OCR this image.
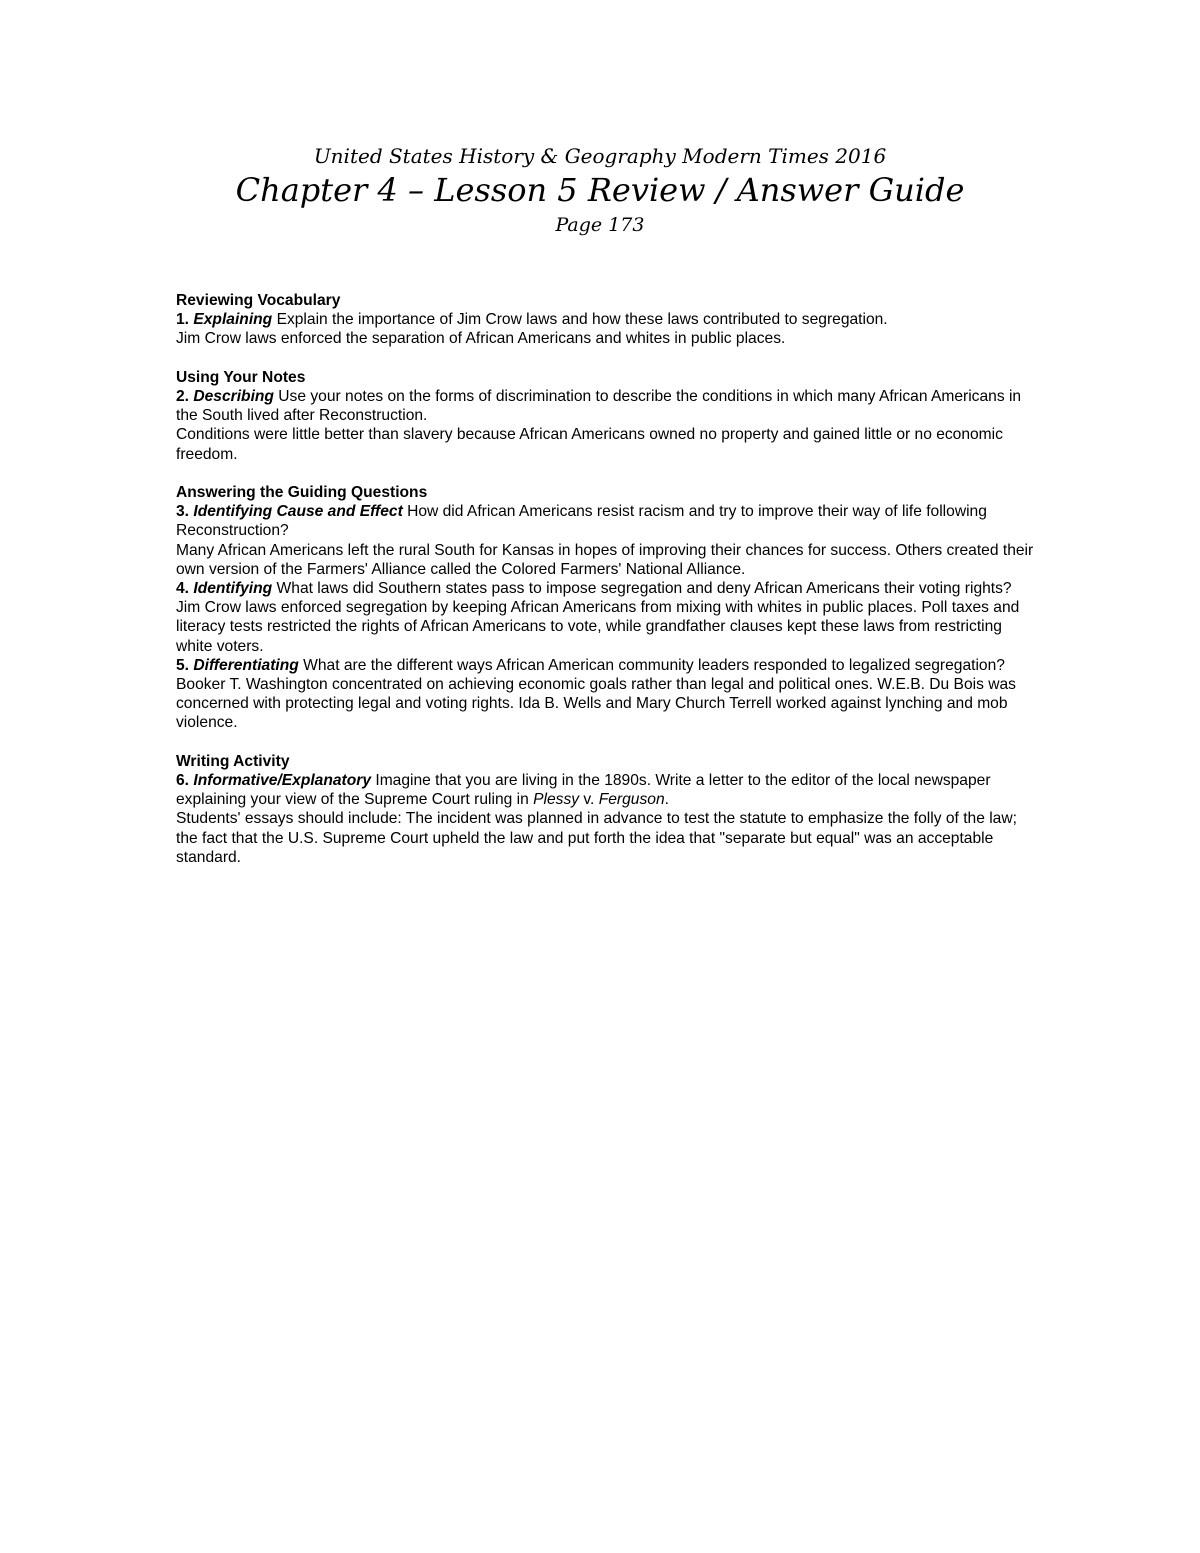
United States History & Geography Modern Times 2016

Chapter 4 – Lesson 5 Review / Answer Guide

Page 173

Reviewing Vocabulary

1. Explaining Explain the importance of Jim Crow laws and how these laws contributed to segregation.

Jim Crow laws enforced the separation of African Americans and whites in public places.

Using Your Notes

2. Describing Use your notes on the forms of discrimination to describe the conditions in which many African Americans in the South lived after Reconstruction.

Conditions were little better than slavery because African Americans owned no property and gained little or no economic freedom.

Answering the Guiding Questions

3. Identifying Cause and Effect How did African Americans resist racism and try to improve their way of life following Reconstruction?

Many African Americans left the rural South for Kansas in hopes of improving their chances for success. Others created their own version of the Farmers' Alliance called the Colored Farmers' National Alliance.

4. Identifying What laws did Southern states pass to impose segregation and deny African Americans their voting rights?

Jim Crow laws enforced segregation by keeping African Americans from mixing with whites in public places. Poll taxes and literacy tests restricted the rights of African Americans to vote, while grandfather clauses kept these laws from restricting white voters.

5. Differentiating What are the different ways African American community leaders responded to legalized segregation?

Booker T. Washington concentrated on achieving economic goals rather than legal and political ones. W.E.B. Du Bois was concerned with protecting legal and voting rights. Ida B. Wells and Mary Church Terrell worked against lynching and mob violence.

Writing Activity

6. Informative/Explanatory Imagine that you are living in the 1890s. Write a letter to the editor of the local newspaper explaining your view of the Supreme Court ruling in Plessy v. Ferguson.

Students' essays should include: The incident was planned in advance to test the statute to emphasize the folly of the law; the fact that the U.S. Supreme Court upheld the law and put forth the idea that "separate but equal" was an acceptable standard.
